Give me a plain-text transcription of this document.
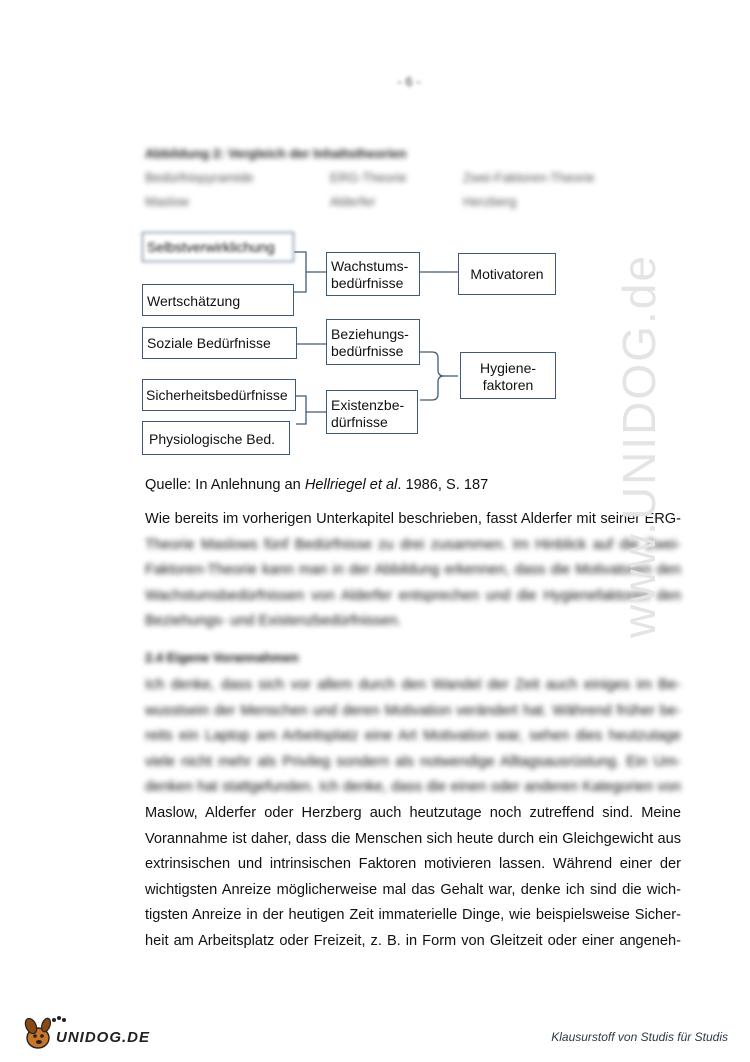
- 6 -
Abbildung 2: Vergleich der Inhaltstheorien
Bedürfnispyramide
Maslow
ERG-Theorie
Alderfer
Zwei-Faktoren-Theorie
Herzberg
Selbstverwirklichung
Wertschätzung
Soziale Bedürfnisse
Sicherheitsbedürfnisse
Physiologische Bed.
Wachstums-
bedürfnisse
Beziehungs-
bedürfnisse
Existenzbe-
dürfnisse
Motivatoren
Hygiene-
faktoren
Quelle: In Anlehnung an Hellriegel et al. 1986, S. 187
Wie bereits im vorherigen Unterkapitel beschrieben, fasst Alderfer mit seiner ERG-
Theorie Maslows fünf Bedürfnisse zu drei zusammen. Im Hinblick auf die Zwei-
Faktoren-Theorie kann man in der Abbildung erkennen, dass die Motivatoren den
Wachstumsbedürfnissen von Alderfer entsprechen und die Hygienefaktoren den
Beziehungs- und Existenzbedürfnissen.
2.4 Eigene Vorannahmen
Ich denke, dass sich vor allem durch den Wandel der Zeit auch einiges im Be-
wusstsein der Menschen und deren Motivation verändert hat. Während früher be-
reits ein Laptop am Arbeitsplatz eine Art Motivation war, sehen dies heutzutage
viele nicht mehr als Privileg sondern als notwendige Alltagsausrüstung. Ein Um-
denken hat stattgefunden. Ich denke, dass die einen oder anderen Kategorien von
Maslow, Alderfer oder Herzberg auch heutzutage noch zutreffend sind. Meine
Vorannahme ist daher, dass die Menschen sich heute durch ein Gleichgewicht aus
extrinsischen und intrinsischen Faktoren motivieren lassen. Während einer der
wichtigsten Anreize möglicherweise mal das Gehalt war, denke ich sind die wich-
tigsten Anreize in der heutigen Zeit immaterielle Dinge, wie beispielsweise Sicher-
heit am Arbeitsplatz oder Freizeit, z. B. in Form von Gleitzeit oder einer angeneh-
www.UNIDOG.de
UNIDOG.DE	Klausurstoff von Studis für Studis
